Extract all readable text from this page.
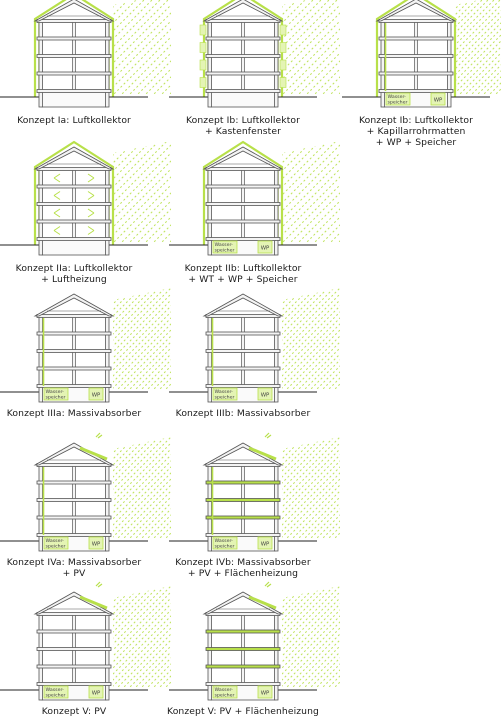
Wasser-
speicher	WP
Wasser-
speicher	WP
Wasser-
speicher	WP	Wasser-
speicher	WP
Wasser-
speicher	WP	Wasser-
speicher	WP
Wasser-
speicher	WP	Wasser-
speicher	WP
Konzept Ia: Luftkollektor	Konzept Ib: Luftkollektor
+ Kastenfenster
Konzept Ib: Luftkollektor
+ Kapillarrohrmatten
+ WP + Speicher
Konzept IIa: Luftkollektor
+ Luftheizung
Konzept IIb: Luftkollektor
+ WT + WP + Speicher
Konzept IIIa: Massivabsorber	Konzept IIIb: Massivabsorber
Konzept IVa: Massivabsorber
+ PV
Konzept IVb: Massivabsorber
+ PV + Flächenheizung
Konzept V: PV	Konzept V: PV + Flächenheizung
